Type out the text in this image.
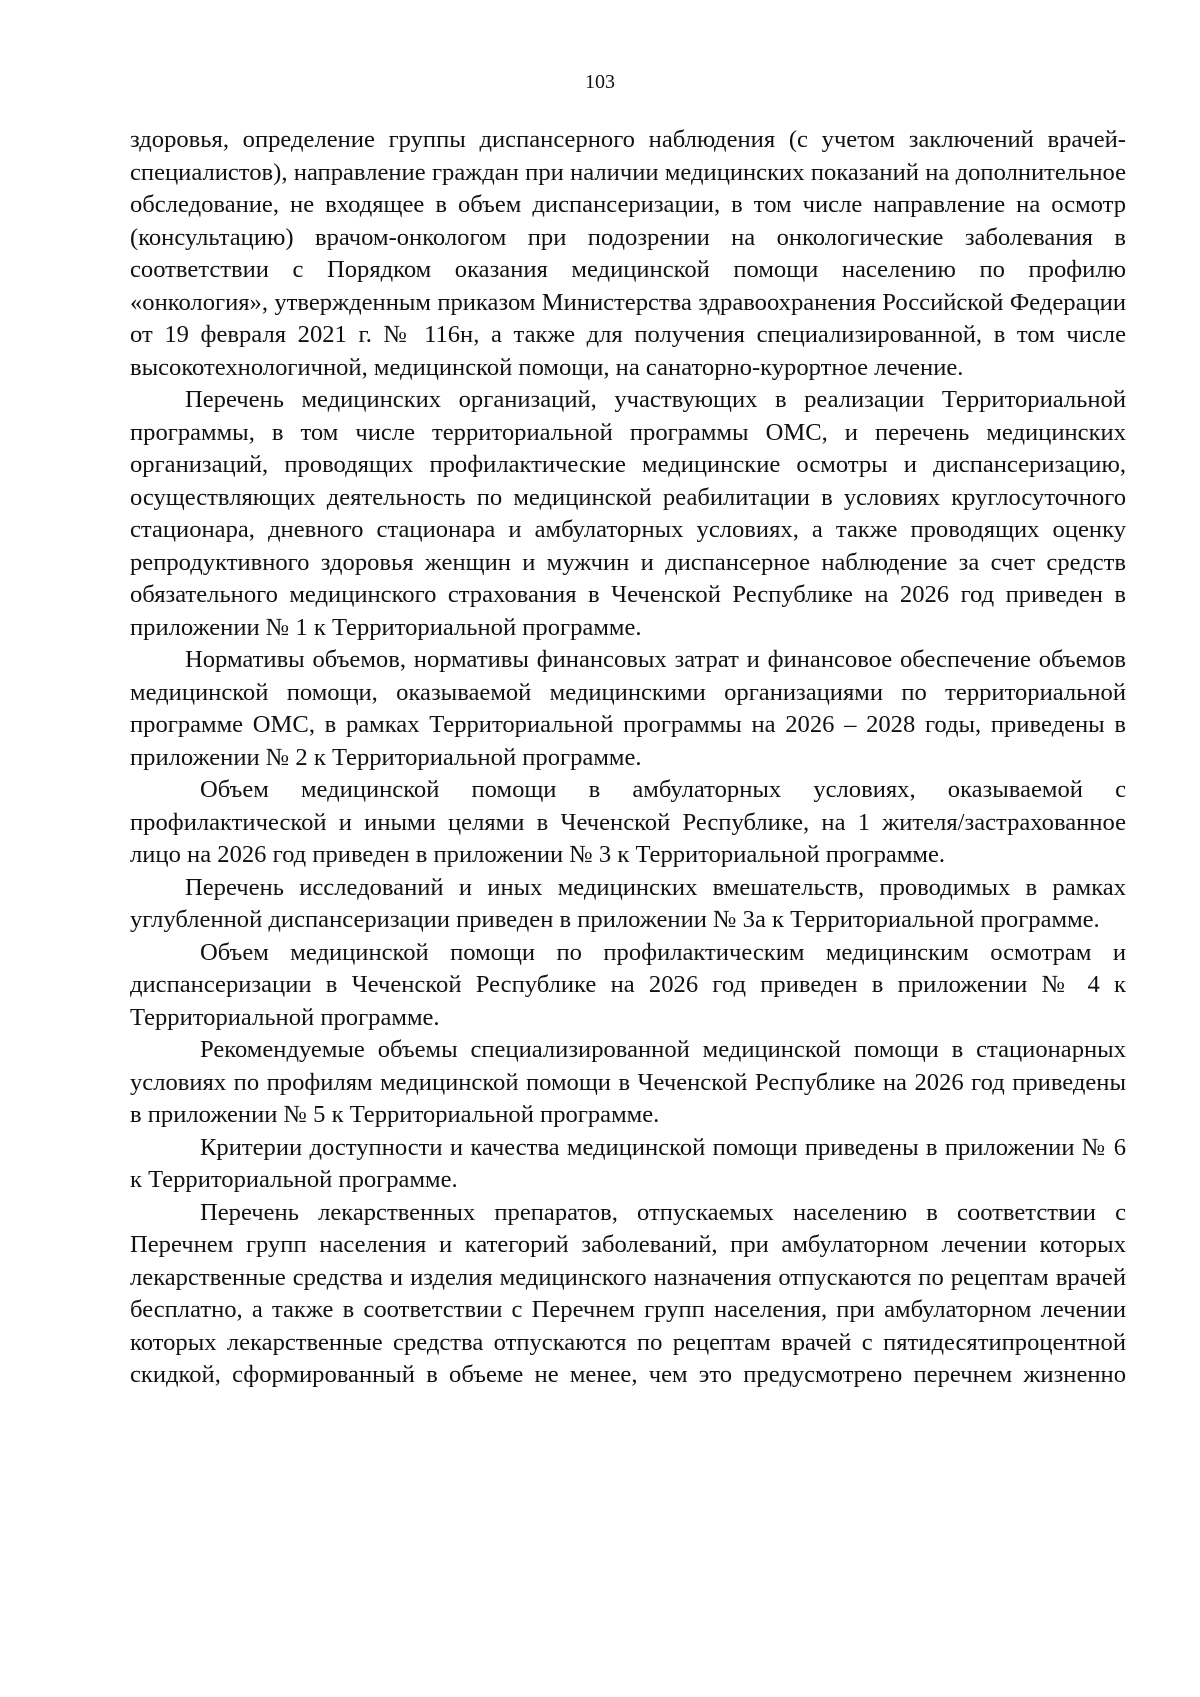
103

здоровья, определение группы диспансерного наблюдения (с учетом заключений врачей-специалистов), направление граждан при наличии медицинских показаний на дополнительное обследование, не входящее в объем диспансеризации, в том числе направление на осмотр (консультацию) врачом-онкологом при подозрении на онкологические заболевания в соответствии с Порядком оказания медицинской помощи населению по профилю «онкология», утвержденным приказом Министерства здравоохранения Российской Федерации от 19 февраля 2021 г. № 116н, а также для получения специализированной, в том числе высокотехнологичной, медицинской помощи, на санаторно-курортное лечение.

Перечень медицинских организаций, участвующих в реализации Территориальной программы, в том числе территориальной программы ОМС, и перечень медицинских организаций, проводящих профилактические медицинские осмотры и диспансеризацию, осуществляющих деятельность по медицинской реабилитации в условиях круглосуточного стационара, дневного стационара и амбулаторных условиях, а также проводящих оценку репродуктивного здоровья женщин и мужчин и диспансерное наблюдение за счет средств обязательного медицинского страхования в Чеченской Республике на 2026 год приведен в приложении № 1 к Территориальной программе.

Нормативы объемов, нормативы финансовых затрат и финансовое обеспечение объемов медицинской помощи, оказываемой медицинскими организациями по территориальной программе ОМС, в рамках Территориальной программы на 2026 – 2028 годы, приведены в приложении № 2 к Территориальной программе.

Объем медицинской помощи в амбулаторных условиях, оказываемой с профилактической и иными целями в Чеченской Республике, на 1 жителя/застрахованное лицо на 2026 год приведен в приложении № 3 к Территориальной программе.

Перечень исследований и иных медицинских вмешательств, проводимых в рамках углубленной диспансеризации приведен в приложении № 3а к Территориальной программе.

Объем медицинской помощи по профилактическим медицинским осмотрам и диспансеризации в Чеченской Республике на 2026 год приведен в приложении № 4 к Территориальной программе.

Рекомендуемые объемы специализированной медицинской помощи в стационарных условиях по профилям медицинской помощи в Чеченской Республике на 2026 год приведены в приложении № 5 к Территориальной программе.

Критерии доступности и качества медицинской помощи приведены в приложении № 6 к Территориальной программе.

Перечень лекарственных препаратов, отпускаемых населению в соответствии с Перечнем групп населения и категорий заболеваний, при амбулаторном лечении которых лекарственные средства и изделия медицинского назначения отпускаются по рецептам врачей бесплатно, а также в соответствии с Перечнем групп населения, при амбулаторном лечении которых лекарственные средства отпускаются по рецептам врачей с пятидесятипроцентной скидкой, сформированный в объеме не менее, чем это предусмотрено перечнем жизненно
